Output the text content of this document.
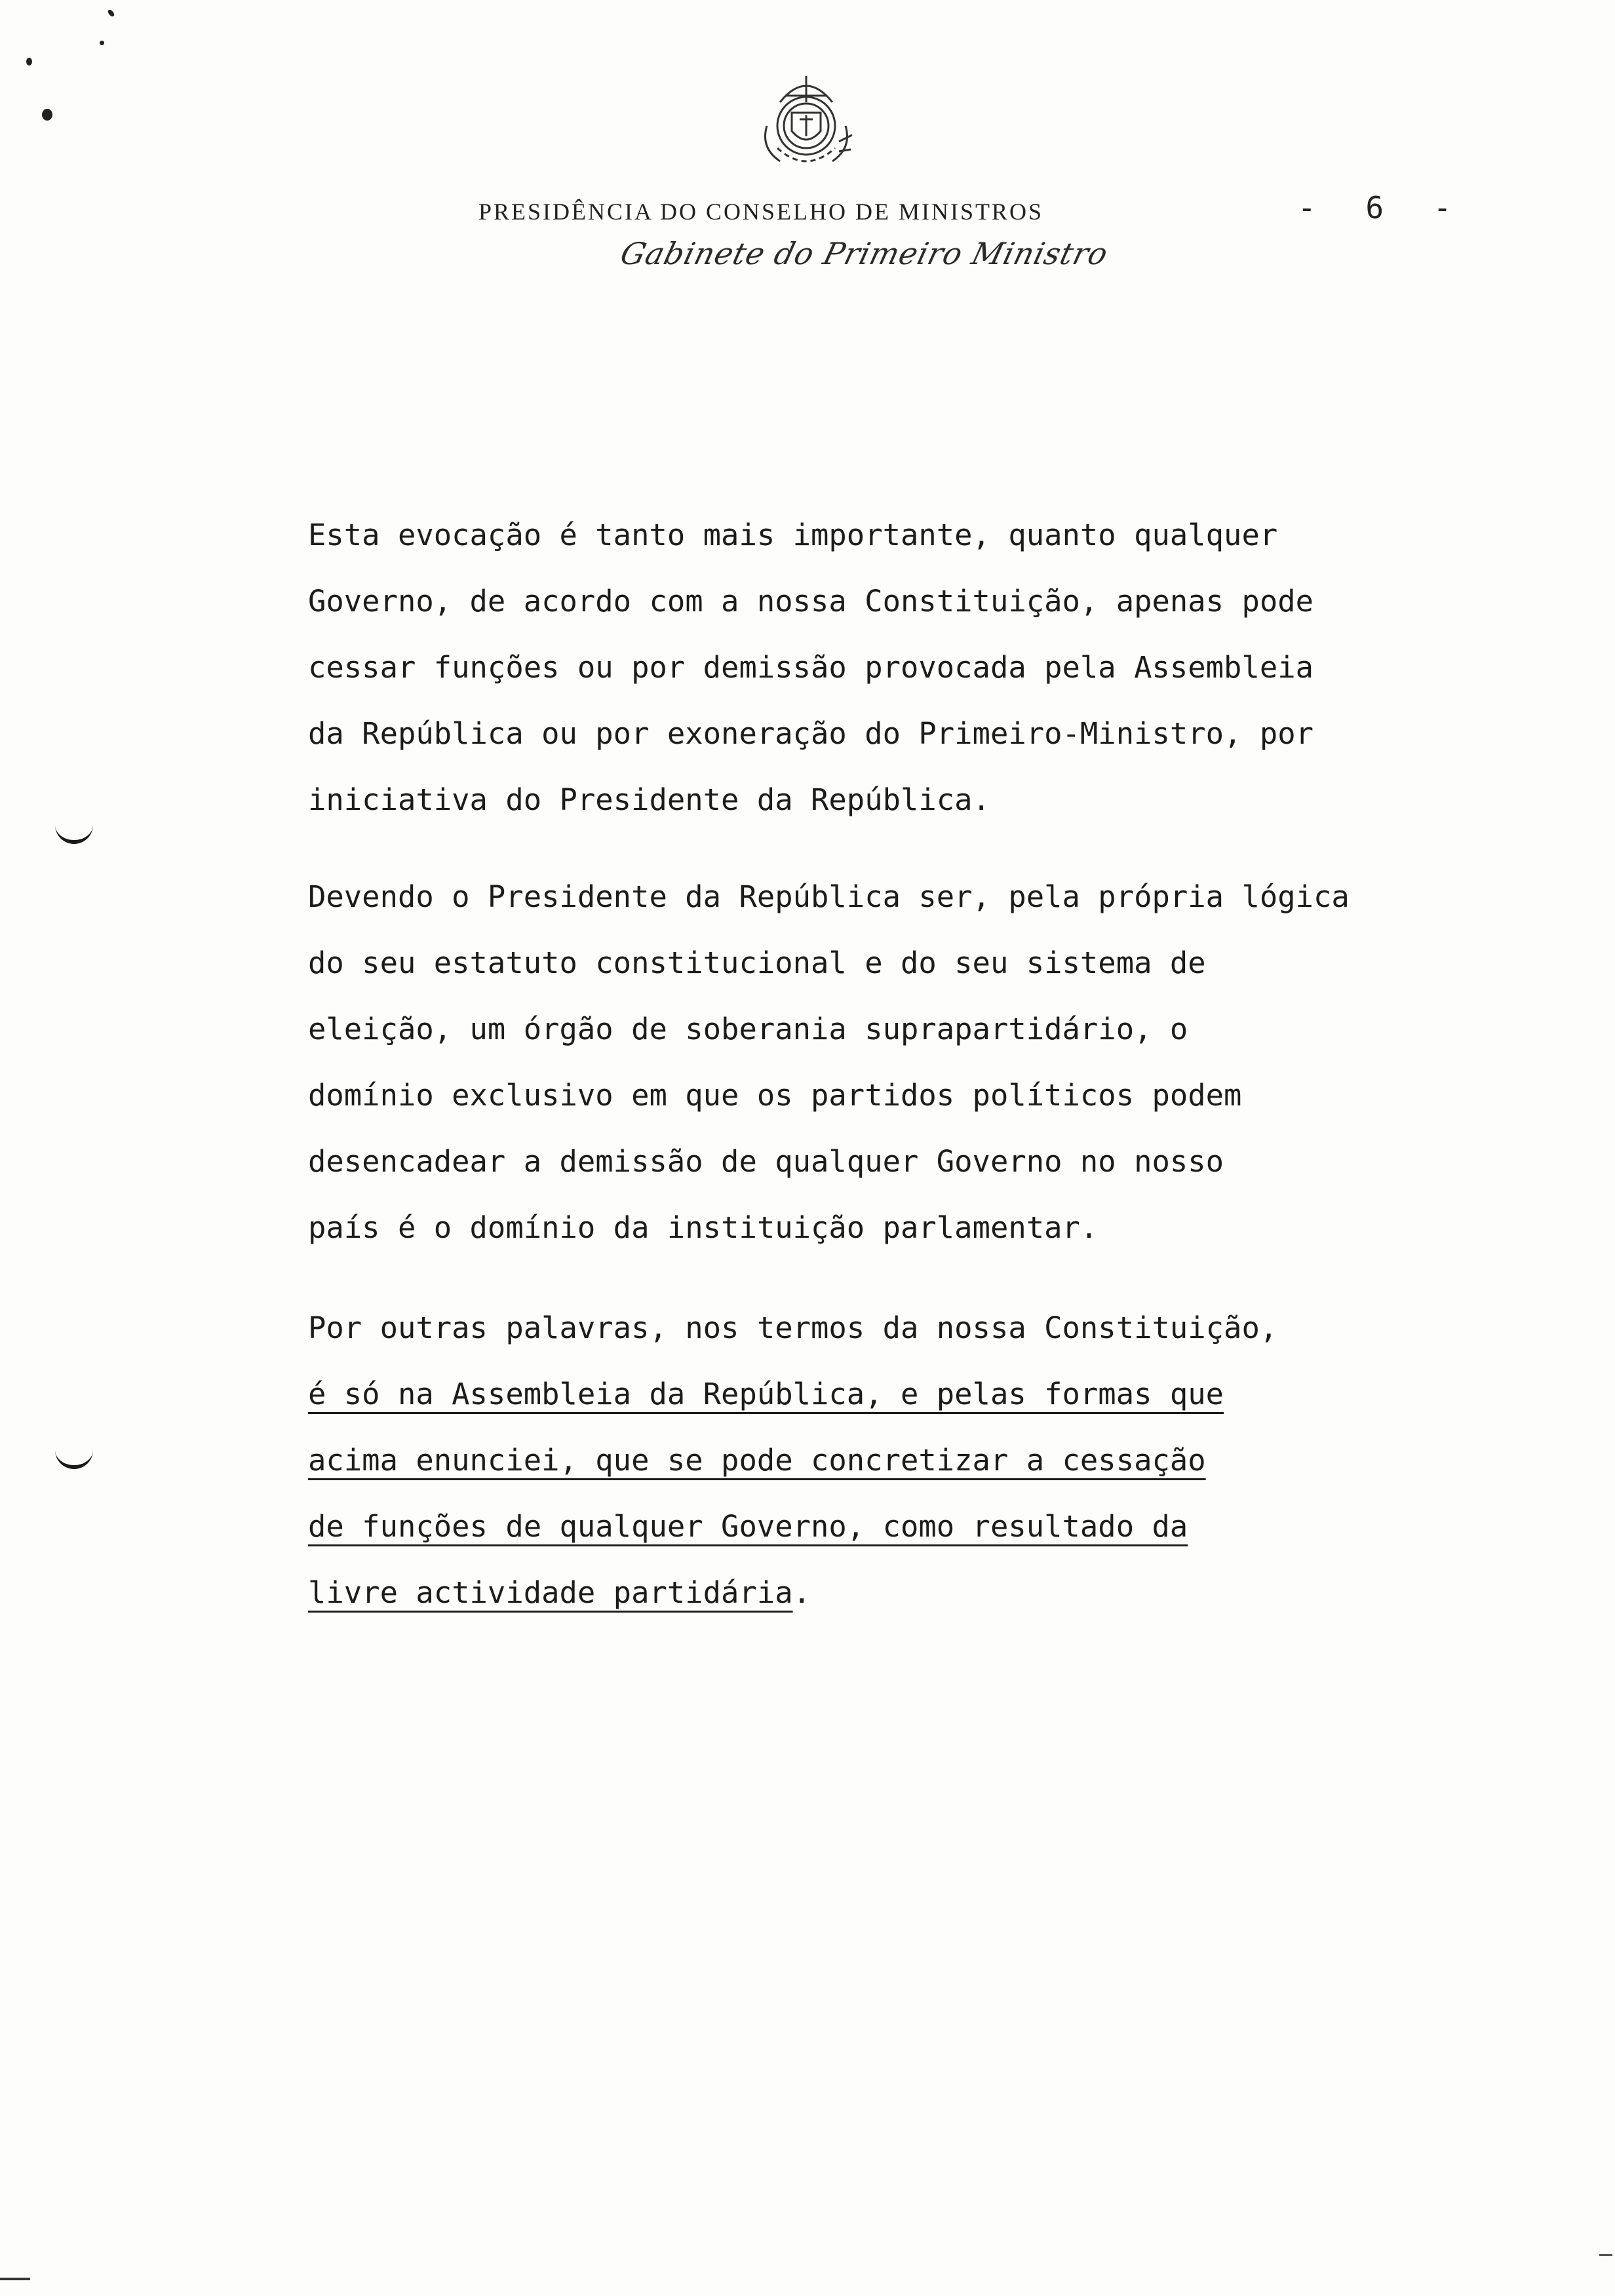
PRESIDÊNCIA DO CONSELHO DE MINISTROS	- 6 -
Gabinete do Primeiro Ministro
Esta evocação é tanto mais importante, quanto qualquer
Governo, de acordo com a nossa Constituição, apenas pode
cessar funções ou por demissão provocada pela Assembleia
da República ou por exoneração do Primeiro-Ministro, por
iniciativa do Presidente da República.
Devendo o Presidente da República ser, pela própria lógica
do seu estatuto constitucional e do seu sistema de
eleição, um órgão de soberania suprapartidário, o
domínio exclusivo em que os partidos políticos podem
desencadear a demissão de qualquer Governo no nosso
país é o domínio da instituição parlamentar.
Por outras palavras, nos termos da nossa Constituição,
é só na Assembleia da República, e pelas formas que
acima enunciei, que se pode concretizar a cessação
de funções de qualquer Governo, como resultado da
livre actividade partidária.
